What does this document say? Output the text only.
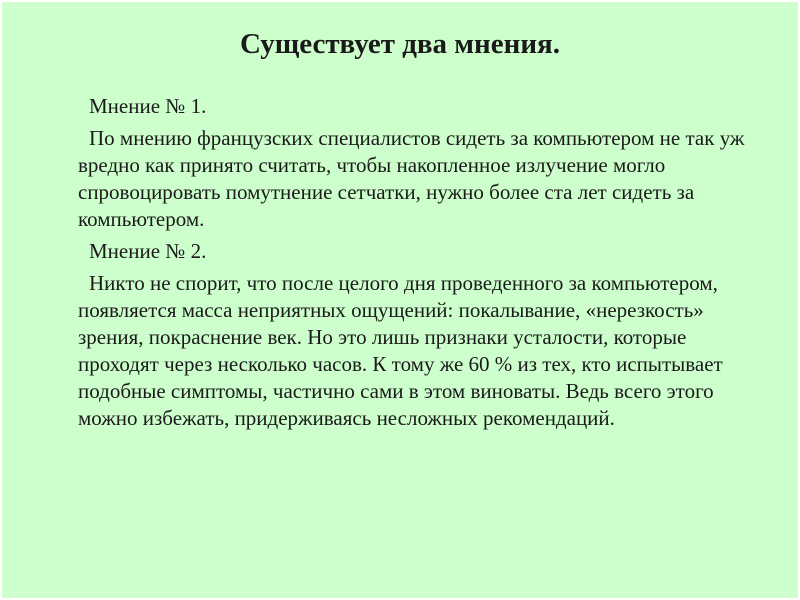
Существует два мнения.

Мнение № 1.

По мнению французских специалистов сидеть за компьютером не так уж вредно как принято считать, чтобы накопленное излучение могло спровоцировать помутнение сетчатки, нужно более ста лет сидеть за компьютером.

Мнение № 2.

Никто не спорит, что после целого дня проведенного за компьютером, появляется масса неприятных ощущений: покалывание, «нерезкость» зрения, покраснение век. Но это лишь признаки усталости, которые проходят через несколько часов. К тому же 60 % из тех, кто испытывает подобные симптомы, частично сами в этом виноваты. Ведь всего этого можно избежать, придерживаясь несложных рекомендаций.
